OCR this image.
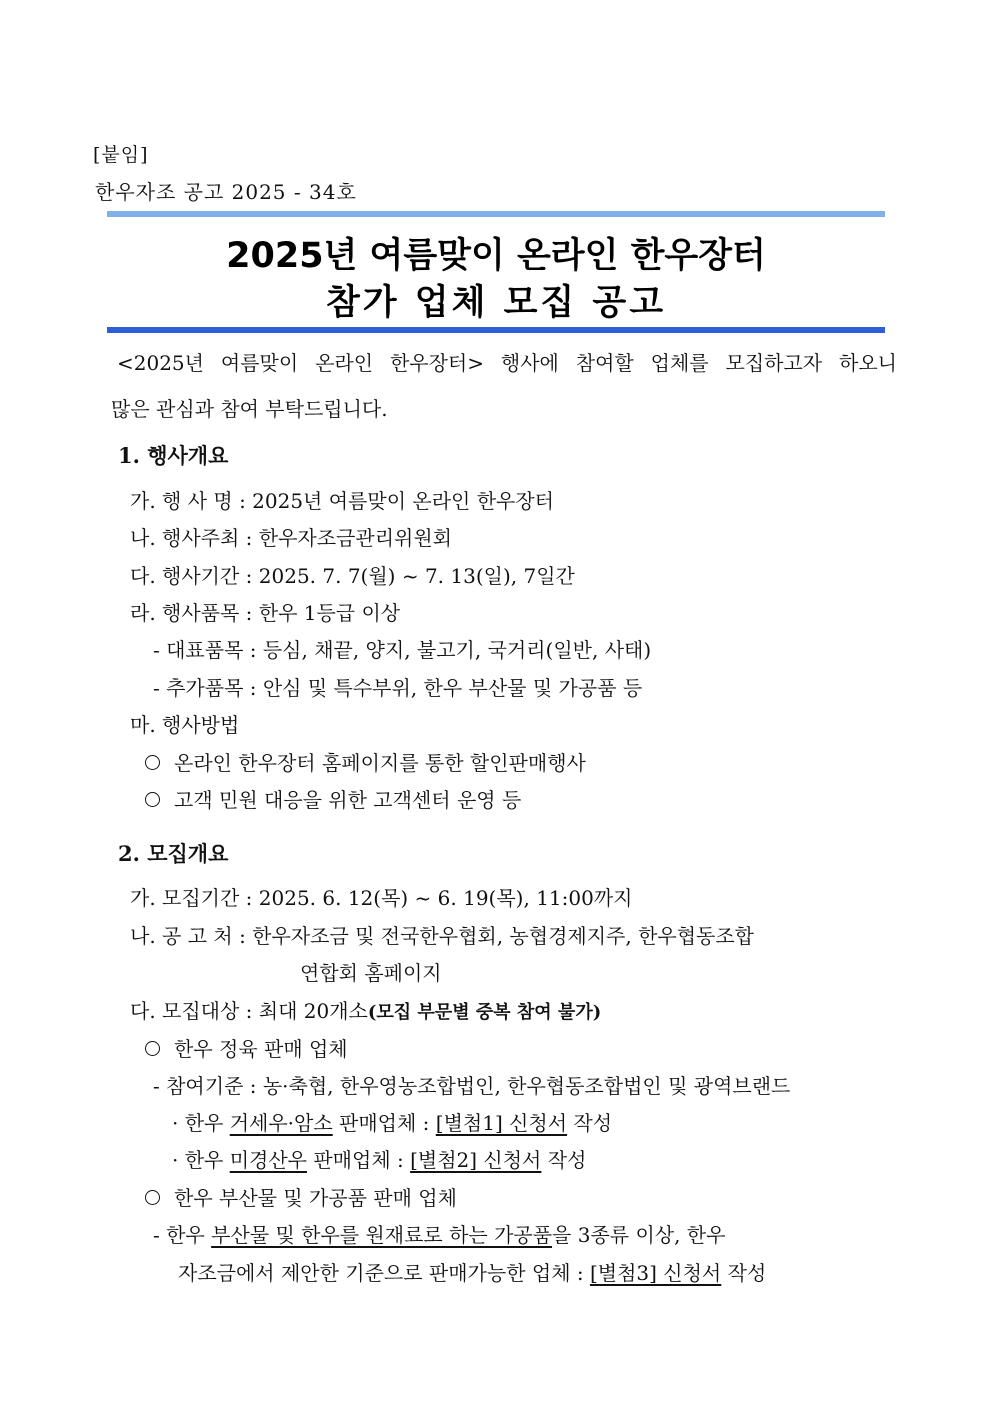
[붙임]
한우자조 공고 2025 - 34호
2025년 여름맞이 온라인 한우장터
참가 업체 모집 공고
<2025년 여름맞이 온라인 한우장터> 행사에 참여할 업체를 모집하고자 하오니
많은 관심과 참여 부탁드립니다.
1. 행사개요
가. 행 사 명 : 2025년 여름맞이 온라인 한우장터
나. 행사주최 : 한우자조금관리위원회
다. 행사기간 : 2025. 7. 7(월) ~ 7. 13(일), 7일간
라. 행사품목 : 한우 1등급 이상
- 대표품목 : 등심, 채끝, 양지, 불고기, 국거리(일반, 사태)
- 추가품목 : 안심 및 특수부위, 한우 부산물 및 가공품 등
마. 행사방법
온라인 한우장터 홈페이지를 통한 할인판매행사
고객 민원 대응을 위한 고객센터 운영 등
2. 모집개요
가. 모집기간 : 2025. 6. 12(목) ~ 6. 19(목), 11:00까지
나. 공 고 처 : 한우자조금 및 전국한우협회, 농협경제지주, 한우협동조합
연합회 홈페이지
다. 모집대상 : 최대 20개소(모집 부문별 중복 참여 불가)
한우 정육 판매 업체
- 참여기준 : 농·축협, 한우영농조합법인, 한우협동조합법인 및 광역브랜드
· 한우 거세우·암소 판매업체 : [별첨1] 신청서 작성
· 한우 미경산우 판매업체 : [별첨2] 신청서 작성
한우 부산물 및 가공품 판매 업체
- 한우 부산물 및 한우를 원재료로 하는 가공품을 3종류 이상, 한우
자조금에서 제안한 기준으로 판매가능한 업체 : [별첨3] 신청서 작성
